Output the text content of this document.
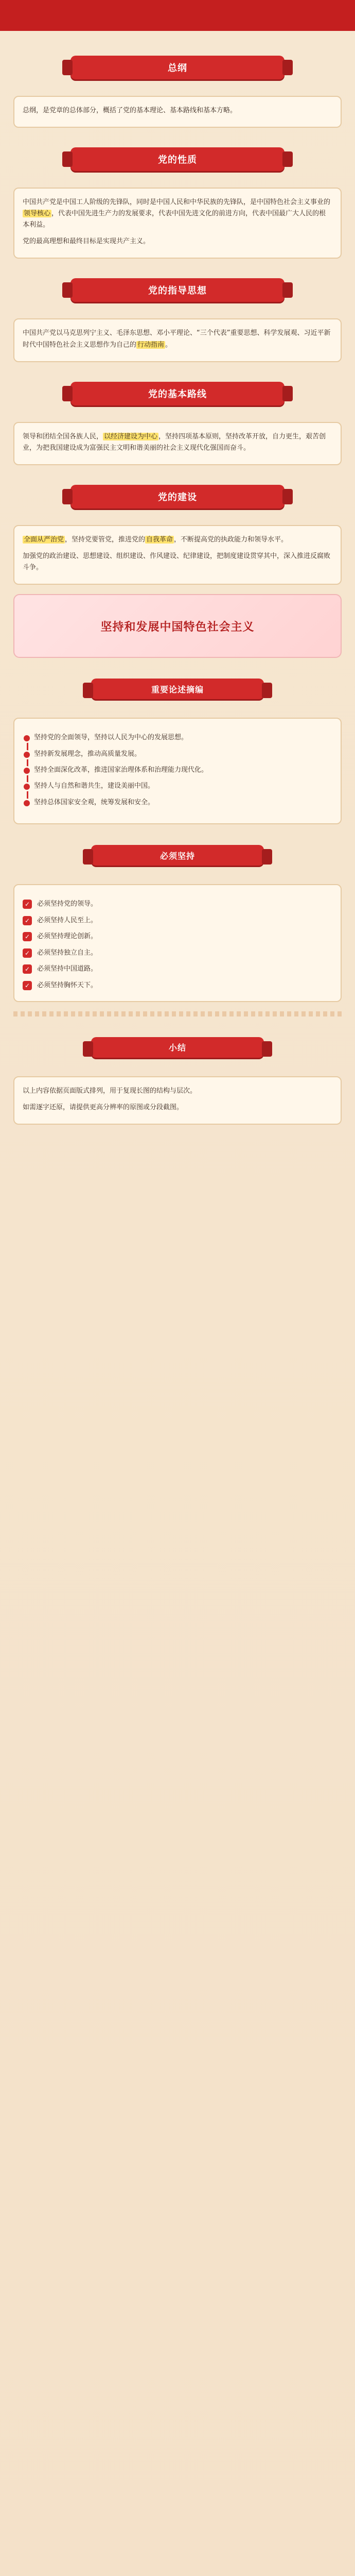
总纲

总纲，是党章的总体部分，概括了党的基本理论、基本路线和基本方略。

党的性质

中国共产党是中国工人阶级的先锋队，同时是中国人民和中华民族的先锋队，是中国特色社会主义事业的领导核心 ，代表中国先进生产力的发展要求，代表中国先进文化的前进方向，代表中国最广大人民的根本利益。

党的最高理想和最终目标是实现共产主义。

党的指导思想

中国共产党以马克思列宁主义、毛泽东思想、邓小平理论、“三个代表”重要思想、科学发展观、习近平新时代中国特色社会主义思想作为自己的 行动指南 。

党的基本路线

领导和团结全国各族人民， 以经济建设为中心 ，坚持四项基本原则，坚持改革开放，自力更生，艰苦创业，为把我国建设成为富强民主文明和谐美丽的社会主义现代化强国而奋斗。

党的建设

全面从严治党 ，坚持党要管党，推进党的 自我革命 ，不断提高党的执政能力和领导水平。

加强党的政治建设、思想建设、组织建设、作风建设、纪律建设，把制度建设贯穿其中，深入推进反腐败斗争。

坚持和发展中国特色社会主义
重要论述摘编
坚持党的全面领导，坚持以人民为中心的发展思想。
坚持新发展理念，推动高质量发展。
坚持全面深化改革，推进国家治理体系和治理能力现代化。
坚持人与自然和谐共生，建设美丽中国。
坚持总体国家安全观，统筹发展和安全。
必须坚持
✓	必须坚持党的领导。
✓	必须坚持人民至上。
✓	必须坚持理论创新。
✓	必须坚持独立自主。
✓	必须坚持中国道路。
✓	必须坚持胸怀天下。
小结

以上内容依据页面版式排列，用于复现长图的结构与层次。

如需逐字还原，请提供更高分辨率的原图或分段截图。
